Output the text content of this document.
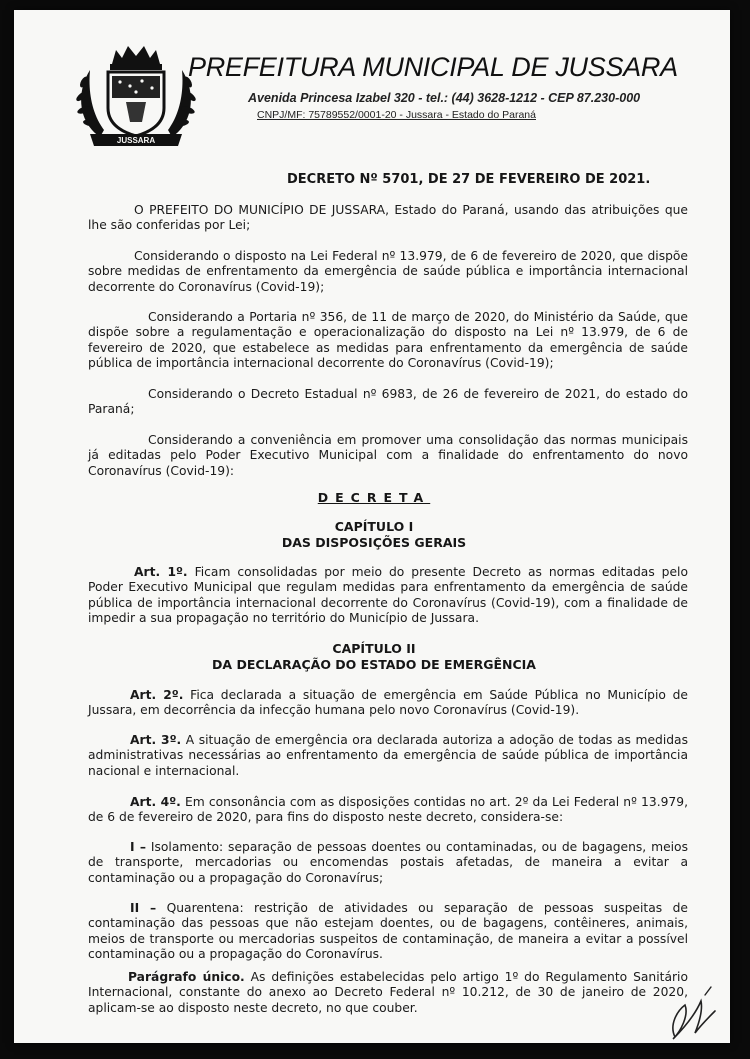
JUSSARA
PREFEITURA MUNICIPAL DE JUSSARA
Avenida Princesa Izabel 320 - tel.: (44) 3628-1212 - CEP 87.230-000
CNPJ/MF: 75789552/0001-20 - Jussara - Estado do Paraná
DECRETO Nº 5701, DE 27 DE FEVEREIRO DE 2021.
O PREFEITO DO MUNICÍPIO DE JUSSARA, Estado do Paraná, usando das atribuições que lhe são conferidas por Lei;
Considerando o disposto na Lei Federal nº 13.979, de 6 de fevereiro de 2020, que dispõe sobre medidas de enfrentamento da emergência de saúde pública e importância internacional decorrente do Coronavírus (Covid-19);
Considerando a Portaria nº 356, de 11 de março de 2020, do Ministério da Saúde, que dispõe sobre a regulamentação e operacionalização do disposto na Lei nº 13.979, de 6 de fevereiro de 2020, que estabelece as medidas para enfrentamento da emergência de saúde pública de importância internacional decorrente do Coronavírus (Covid-19);
Considerando o Decreto Estadual nº 6983, de 26 de fevereiro de 2021, do estado do Paraná;
Considerando a conveniência em promover uma consolidação das normas municipais já editadas pelo Poder Executivo Municipal com a finalidade do enfrentamento do novo Coronavírus (Covid-19):
DECRETA
CAPÍTULO I
DAS DISPOSIÇÕES GERAIS
Art. 1º. Ficam consolidadas por meio do presente Decreto as normas editadas pelo Poder Executivo Municipal que regulam medidas para enfrentamento da emergência de saúde pública de importância internacional decorrente do Coronavírus (Covid-19), com a finalidade de impedir a sua propagação no território do Município de Jussara.
CAPÍTULO II
DA DECLARAÇÃO DO ESTADO DE EMERGÊNCIA
Art. 2º. Fica declarada a situação de emergência em Saúde Pública no Município de Jussara, em decorrência da infecção humana pelo novo Coronavírus (Covid-19).
Art. 3º. A situação de emergência ora declarada autoriza a adoção de todas as medidas administrativas necessárias ao enfrentamento da emergência de saúde pública de importância nacional e internacional.
Art. 4º. Em consonância com as disposições contidas no art. 2º da Lei Federal nº 13.979, de 6 de fevereiro de 2020, para fins do disposto neste decreto, considera-se:
I – Isolamento: separação de pessoas doentes ou contaminadas, ou de bagagens, meios de transporte, mercadorias ou encomendas postais afetadas, de maneira a evitar a contaminação ou a propagação do Coronavírus;
II – Quarentena: restrição de atividades ou separação de pessoas suspeitas de contaminação das pessoas que não estejam doentes, ou de bagagens, contêineres, animais, meios de transporte ou mercadorias suspeitos de contaminação, de maneira a evitar a possível contaminação ou a propagação do Coronavírus.
Parágrafo único. As definições estabelecidas pelo artigo 1º do Regulamento Sanitário Internacional, constante do anexo ao Decreto Federal nº 10.212, de 30 de janeiro de 2020, aplicam-se ao disposto neste decreto, no que couber.
